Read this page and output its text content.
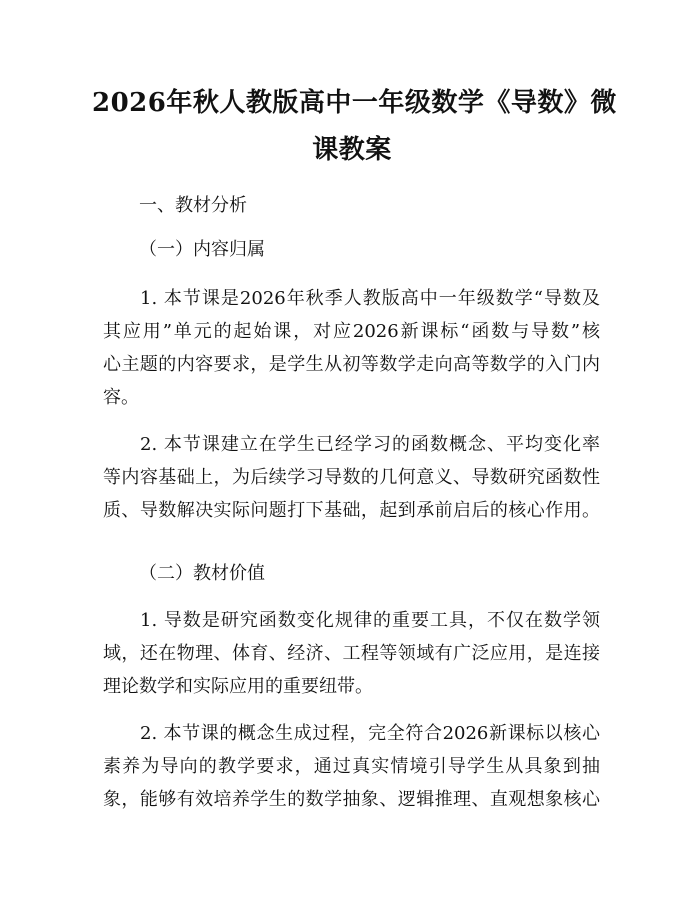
2026年秋人教版高中一年级数学《导数》微
课教案
一、教材分析
（一）内容归属
1. 本节课是2026年秋季人教版高中一年级数学“导数及
其应用”单元的起始课，对应2026新课标“函数与导数”核
心主题的内容要求，是学生从初等数学走向高等数学的入门内
容。
2. 本节课建立在学生已经学习的函数概念、平均变化率
等内容基础上，为后续学习导数的几何意义、导数研究函数性
质、导数解决实际问题打下基础，起到承前启后的核心作用。
（二）教材价值
1. 导数是研究函数变化规律的重要工具，不仅在数学领
域，还在物理、体育、经济、工程等领域有广泛应用，是连接
理论数学和实际应用的重要纽带。
2. 本节课的概念生成过程，完全符合2026新课标以核心
素养为导向的教学要求，通过真实情境引导学生从具象到抽
象，能够有效培养学生的数学抽象、逻辑推理、直观想象核心
